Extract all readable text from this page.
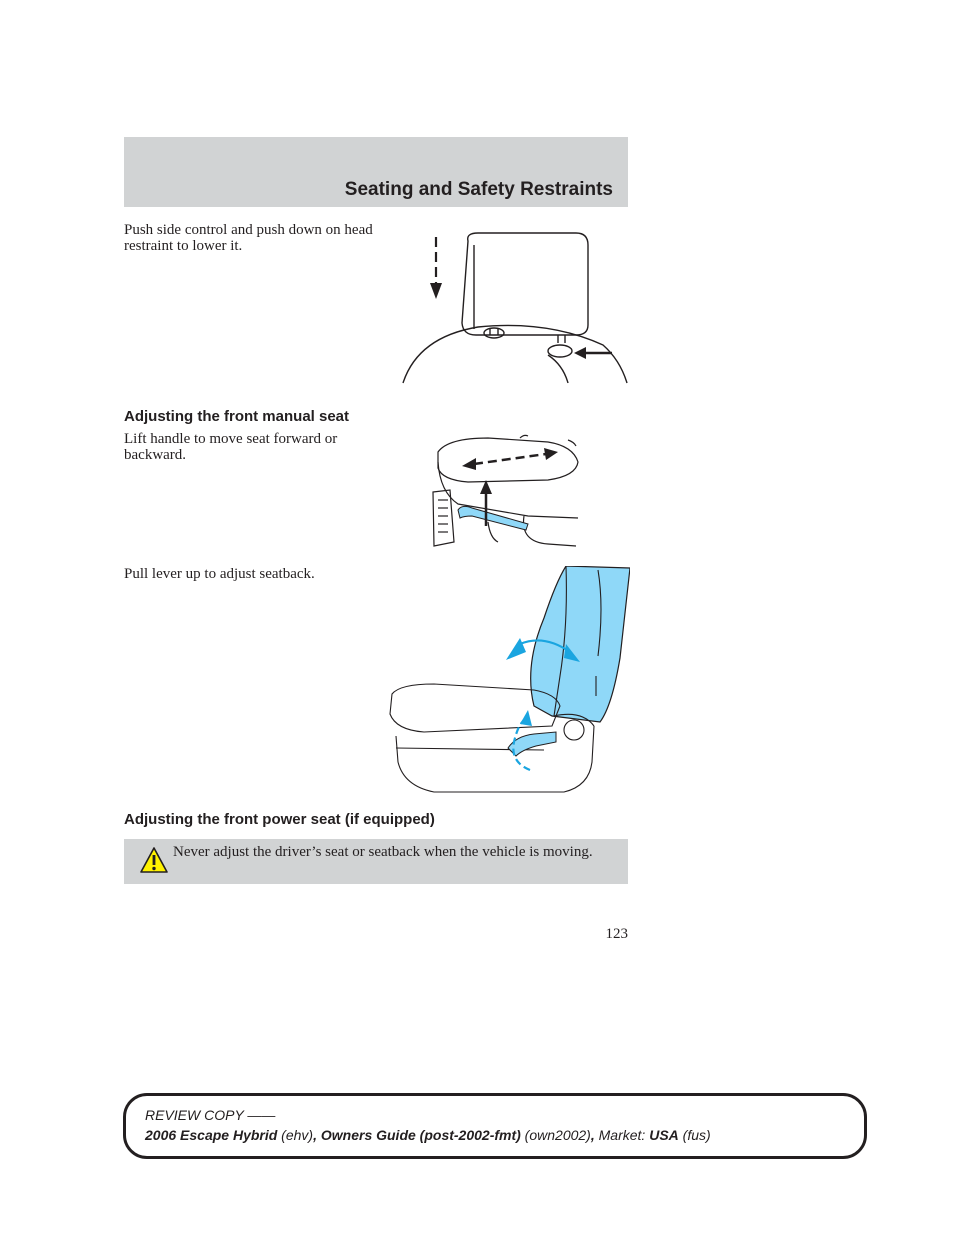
Seating and Safety Restraints

Push side control and push down on head restraint to lower it.

Adjusting the front manual seat

Lift handle to move seat forward or backward.

Pull lever up to adjust seatback.

Adjusting the front power seat (if equipped)

Never adjust the driver’s seat or seatback when the vehicle is moving.

123

REVIEW COPY ——

2006 Escape Hybrid (ehv), Owners Guide (post-2002-fmt) (own2002), Market: USA (fus)
